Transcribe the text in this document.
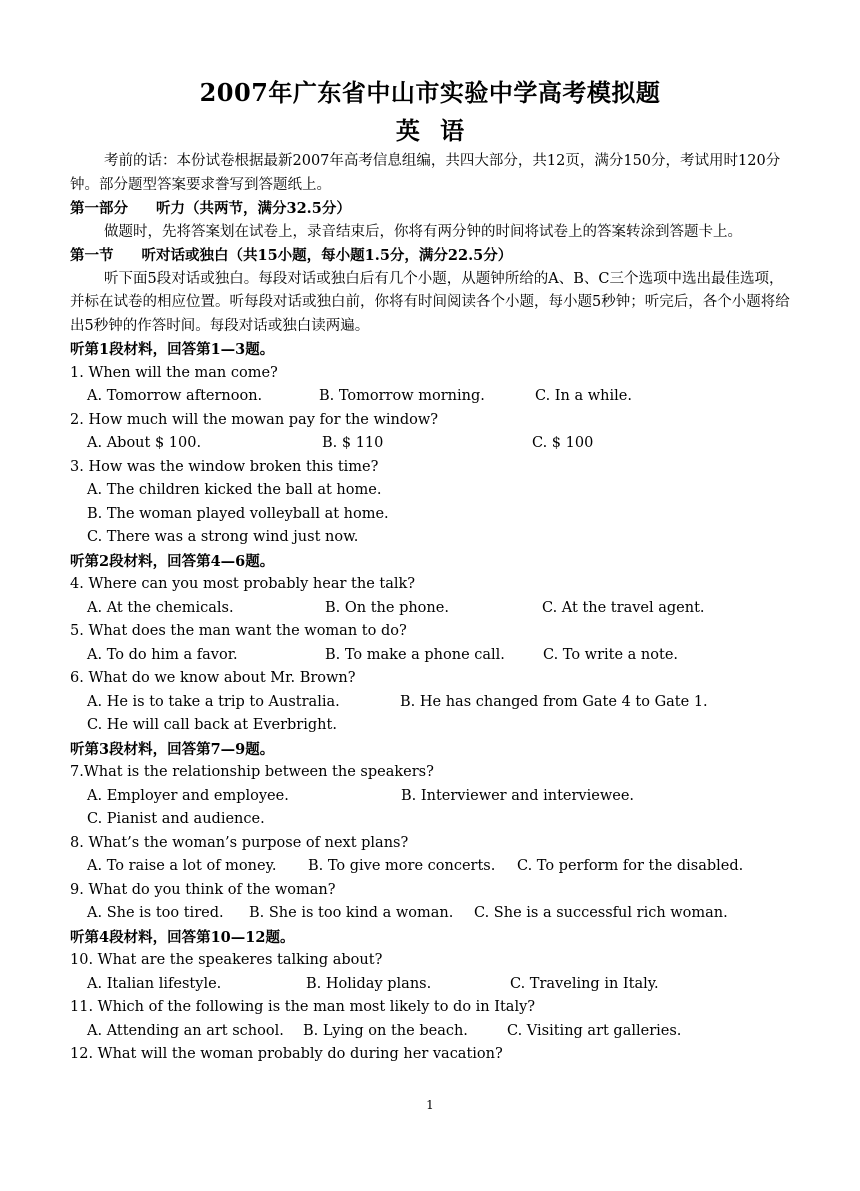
2007年广东省中山市实验中学高考模拟题
英 语

考前的话：本份试卷根据最新2007年高考信息组编，共四大部分，共12页，满分150分，考试用时120分钟。部分题型答案要求誊写到答题纸上。

第一部分 听力（共两节，满分32.5分）

做题时，先将答案划在试卷上，录音结束后，你将有两分钟的时间将试卷上的答案转涂到答题卡上。

第一节 听对话或独白（共15小题，每小题1.5分，满分22.5分）

听下面5段对话或独白。每段对话或独白后有几个小题，从题钟所给的A、B、C三个选项中选出最佳选项，并标在试卷的相应位置。听每段对话或独白前，你将有时间阅读各个小题，每小题5秒钟；听完后，各个小题将给出5秒钟的作答时间。每段对话或独白读两遍。

听第1段材料，回答第1—3题。

1. When will the man come?

A. Tomorrow afternoon.	B. Tomorrow morning.	C. In a while.

2. How much will the mowan pay for the window?

A. About $ 100.	B. $ 110	C. $ 100

3. How was the window broken this time?

A. The children kicked the ball at home.

B. The woman played volleyball at home.

C. There was a strong wind just now.

听第2段材料，回答第4—6题。

4. Where can you most probably hear the talk?

A. At the chemicals.	B. On the phone.	C. At the travel agent.

5. What does the man want the woman to do?

A. To do him a favor.	B. To make a phone call.	C. To write a note.

6. What do we know about Mr. Brown?

A. He is to take a trip to Australia.	B. He has changed from Gate 4 to Gate 1.

C. He will call back at Everbright.

听第3段材料，回答第7—9题。

7.What is the relationship between the speakers?

A. Employer and employee.	B. Interviewer and interviewee.

C. Pianist and audience.

8. What’s the woman’s purpose of next plans?

A. To raise a lot of money. B. To give more concerts. C. To perform for the disabled.

9. What do you think of the woman?

A. She is too tired. B. She is too kind a woman. C. She is a successful rich woman.
听第4段材料，回答第10—12题。

10. What are the speakeres talking about?

A. Italian lifestyle.	B. Holiday plans.	C. Traveling in Italy.

11. Which of the following is the man most likely to do in Italy?

A. Attending an art school. B. Lying on the beach.	C. Visiting art galleries.

12. What will the woman probably do during her vacation?

1
